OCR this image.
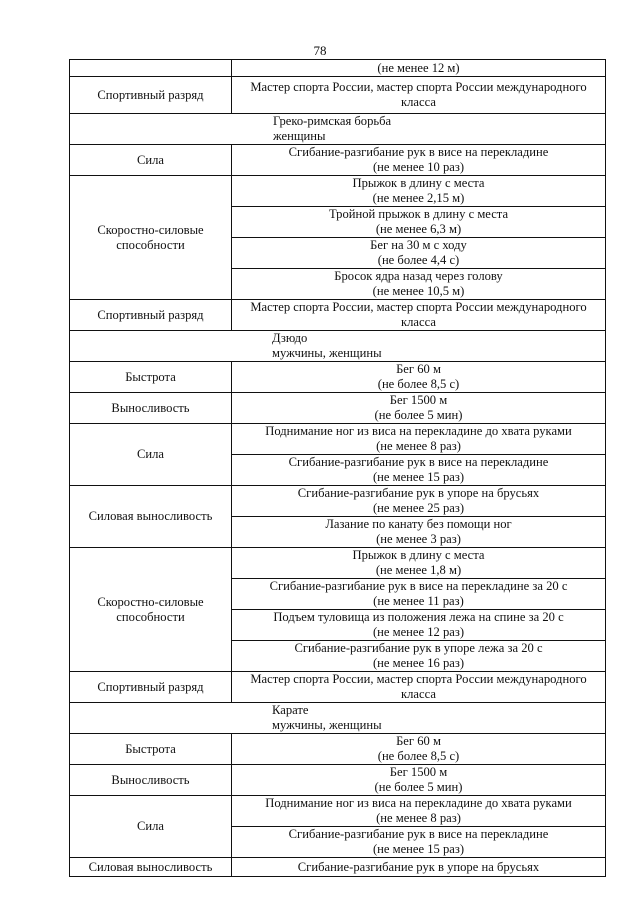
78

	(не менее 12 м)

Спортивный разряд	Мастер спорта России, мастер спорта России международного
класса

Греко-римская борьба
женщины	

Сила	Сгибание-разгибание рук в висе на перекладине
(не менее 10 раз)

Скоростно-силовые
способности	Прыжок в длину с места
(не менее 2,15 м)

	Тройной прыжок в длину с места
(не менее 6,3 м)

	Бег на 30 м с ходу
(не более 4,4 с)

	Бросок ядра назад через голову
(не менее 10,5 м)

Спортивный разряд	Мастер спорта России, мастер спорта России международного
класса

Дзюдо
мужчины, женщины	

Быстрота	Бег 60 м
(не более 8,5 с)

Выносливость	Бег 1500 м
(не более 5 мин)

Сила	Поднимание ног из виса на перекладине до хвата руками
(не менее 8 раз)

	Сгибание-разгибание рук в висе на перекладине
(не менее 15 раз)

Силовая выносливость	Сгибание-разгибание рук в упоре на брусьях
(не менее 25 раз)

	Лазание по канату без помощи ног
(не менее 3 раз)

Скоростно-силовые
способности	Прыжок в длину с места
(не менее 1,8 м)

	Сгибание-разгибание рук в висе на перекладине за 20 с
(не менее 11 раз)

	Подъем туловища из положения лежа на спине за 20 с
(не менее 12 раз)

	Сгибание-разгибание рук в упоре лежа за 20 с
(не менее 16 раз)

Спортивный разряд	Мастер спорта России, мастер спорта России международного
класса

Карате
мужчины, женщины	

Быстрота	Бег 60 м
(не более 8,5 с)

Выносливость	Бег 1500 м
(не более 5 мин)

Сила	Поднимание ног из виса на перекладине до хвата руками
(не менее 8 раз)

	Сгибание-разгибание рук в висе на перекладине
(не менее 15 раз)

Силовая выносливость	Сгибание-разгибание рук в упоре на брусьях
